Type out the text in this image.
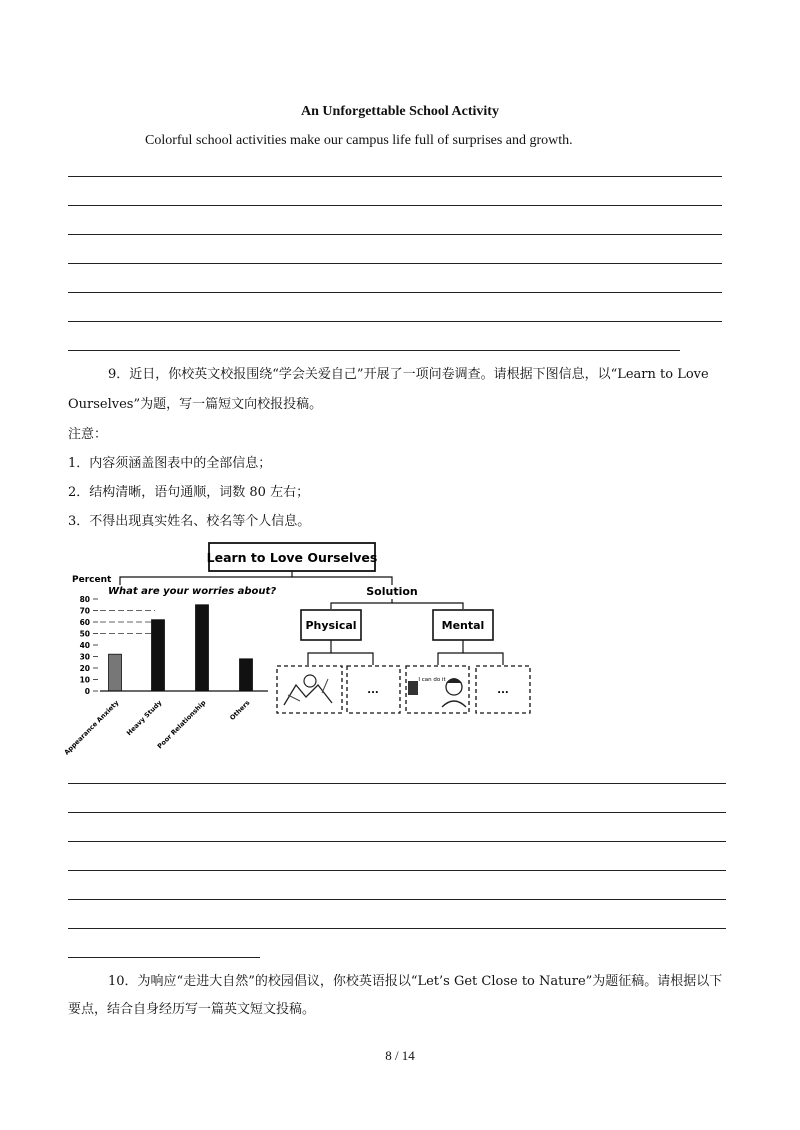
An Unforgettable School Activity
Colorful school activities make our campus life full of surprises and growth.
9．近日，你校英文校报围绕“学会关爱自己”开展了一项问卷调查。请根据下图信息，以“Learn to Love
Ourselves”为题，写一篇短文向校报投稿。
注意：
1．内容须涵盖图表中的全部信息；
2．结构清晰，语句通顺，词数 80 左右；
3．不得出现真实姓名、校名等个人信息。
Percent
What are your worries about?
0
10
20
30
40
50
60
70
80
Appearance Anxiety Heavy Study
Poor Relationship	Others
Learn to Love Ourselves
Solution
Physical	Mental
...
I can do it
...
10．为响应“走进大自然”的校园倡议，你校英语报以“Let’s Get Close to Nature”为题征稿。请根据以下
要点，结合自身经历写一篇英文短文投稿。
8 / 14
